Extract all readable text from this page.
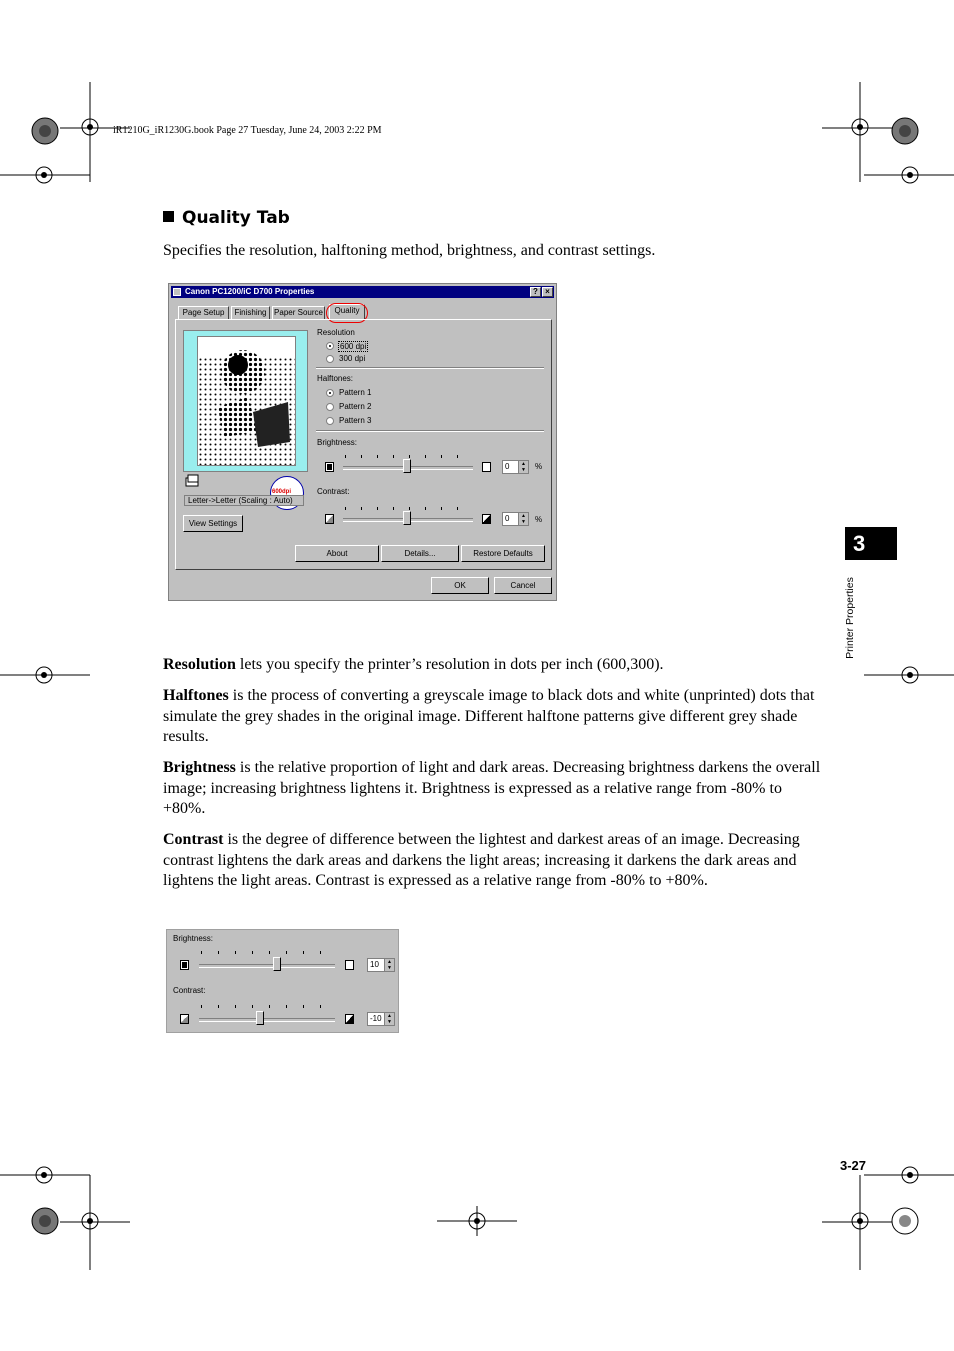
iR1210G_iR1230G.book Page 27 Tuesday, June 24, 2003 2:22 PM
Quality Tab
Specifies the resolution, halftoning method, brightness, and contrast settings.
Canon PC1200/iC D700 Properties	? ×
Page Setup	Finishing Paper Source	Quality
600dpi
Letter->Letter (Scaling : Auto)
View Settings
Resolution
600 dpi
300 dpi
Halftones:
Pattern 1
Pattern 2
Pattern 3
Brightness:
0	▲
▼ %
Contrast:
0	▲
▼ %
About	Details...	Restore Defaults
OK	Cancel
Resolution lets you specify the printer’s resolution in dots per inch (600,300).
Halftones is the process of converting a greyscale image to black dots and white (unprinted) dots that simulate the grey shades in the original image. Different halftone patterns give different grey shade results.
Brightness is the relative proportion of light and dark areas. Decreasing brightness darkens the overall image; increasing brightness lightens it. Brightness is expressed as a relative range from -80% to +80%.
Contrast is the degree of difference between the lightest and darkest areas of an image. Decreasing contrast lightens the dark areas and darkens the light areas; increasing it darkens the dark areas and lightens the light areas. Contrast is expressed as a relative range from -80% to +80%.
Brightness:
10	▲
▼
Contrast:
-10	▲
▼
3
Printer Properties
3-27
